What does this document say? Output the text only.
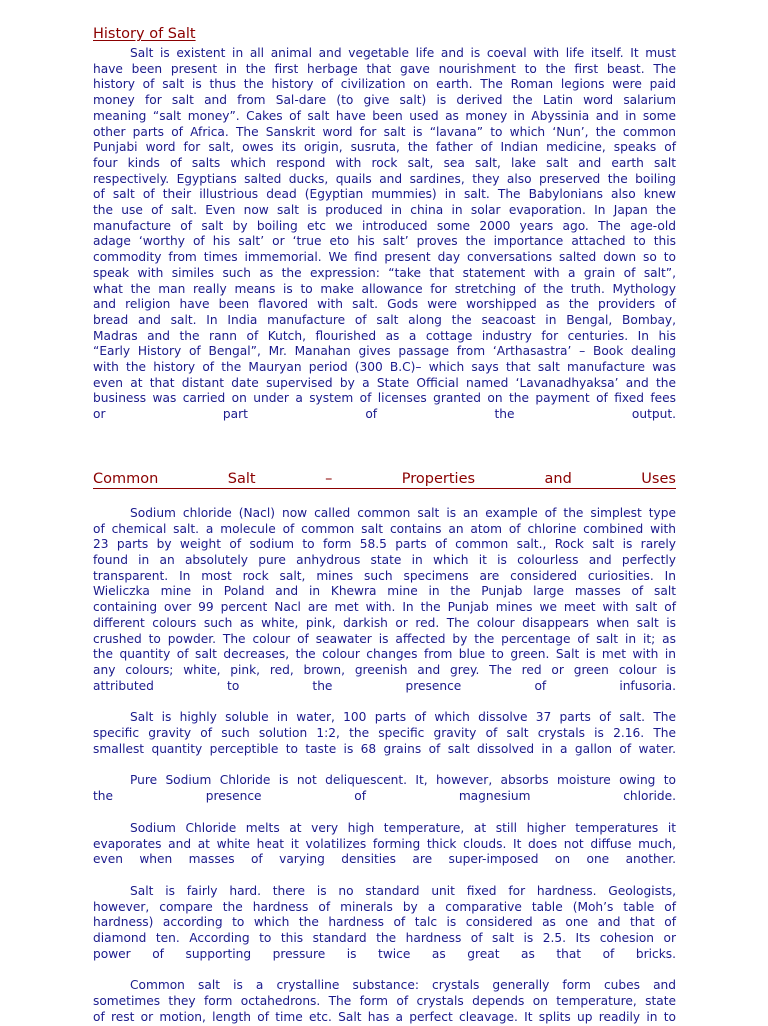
History of Salt
Salt is existent in all animal and vegetable life and is coeval with life itself. It must
have been present in the first herbage that gave nourishment to the first beast. The
history of salt is thus the history of civilization on earth. The Roman legions were paid
money for salt and from Sal-dare (to give salt) is derived the Latin word salarium
meaning “salt money”. Cakes of salt have been used as money in Abyssinia and in some
other parts of Africa. The Sanskrit word for salt is “lavana” to which ‘Nun’, the common
Punjabi word for salt, owes its origin, susruta, the father of Indian medicine, speaks of
four kinds of salts which respond with rock salt, sea salt, lake salt and earth salt
respectively. Egyptians salted ducks, quails and sardines, they also preserved the boiling
of salt of their illustrious dead (Egyptian mummies) in salt. The Babylonians also knew
the use of salt. Even now salt is produced in china in solar evaporation. In Japan the
manufacture of salt by boiling etc we introduced some 2000 years ago. The age-old
adage ‘worthy of his salt’ or ‘true eto his salt’ proves the importance attached to this
commodity from times immemorial. We find present day conversations salted down so to
speak with similes such as the expression: “take that statement with a grain of salt”,
what the man really means is to make allowance for stretching of the truth. Mythology
and religion have been flavored with salt. Gods were worshipped as the providers of
bread and salt. In India manufacture of salt along the seacoast in Bengal, Bombay,
Madras and the rann of Kutch, flourished as a cottage industry for centuries. In his
“Early History of Bengal”, Mr. Manahan gives passage from ‘Arthasastra’ – Book dealing
with the history of the Mauryan period (300 B.C)– which says that salt manufacture was
even at that distant date supervised by a State Official named ‘Lavanadhyaksa’ and the
business was carried on under a system of licenses granted on the payment of fixed fees
or part of the output.
Common	Salt	–	Properties	and	Uses
Sodium chloride (Nacl) now called common salt is an example of the simplest type
of chemical salt. a molecule of common salt contains an atom of chlorine combined with
23 parts by weight of sodium to form 58.5 parts of common salt., Rock salt is rarely
found in an absolutely pure anhydrous state in which it is colourless and perfectly
transparent. In most rock salt, mines such specimens are considered curiosities. In
Wieliczka mine in Poland and in Khewra mine in the Punjab large masses of salt
containing over 99 percent Nacl are met with. In the Punjab mines we meet with salt of
different colours such as white, pink, darkish or red. The colour disappears when salt is
crushed to powder. The colour of seawater is affected by the percentage of salt in it; as
the quantity of salt decreases, the colour changes from blue to green. Salt is met with in
any colours; white, pink, red, brown, greenish and grey. The red or green colour is
attributed to the presence of infusoria.
Salt is highly soluble in water, 100 parts of which dissolve 37 parts of salt. The
specific gravity of such solution 1:2, the specific gravity of salt crystals is 2.16. The
smallest quantity perceptible to taste is 68 grains of salt dissolved in a gallon of water.
Pure Sodium Chloride is not deliquescent. It, however, absorbs moisture owing to
the presence of magnesium chloride.
Sodium Chloride melts at very high temperature, at still higher temperatures it
evaporates and at white heat it volatilizes forming thick clouds. It does not diffuse much,
even when masses of varying densities are super-imposed on one another.
Salt is fairly hard. there is no standard unit fixed for hardness. Geologists,
however, compare the hardness of minerals by a comparative table (Moh’s table of
hardness) according to which the hardness of talc is considered as one and that of
diamond ten. According to this standard the hardness of salt is 2.5. Its cohesion or
power of supporting pressure is twice as great as that of bricks.
Common salt is a crystalline substance: crystals generally form cubes and
sometimes they form octahedrons. The form of crystals depends on temperature, state
of rest or motion, length of time etc. Salt has a perfect cleavage. It splits up readily in to
